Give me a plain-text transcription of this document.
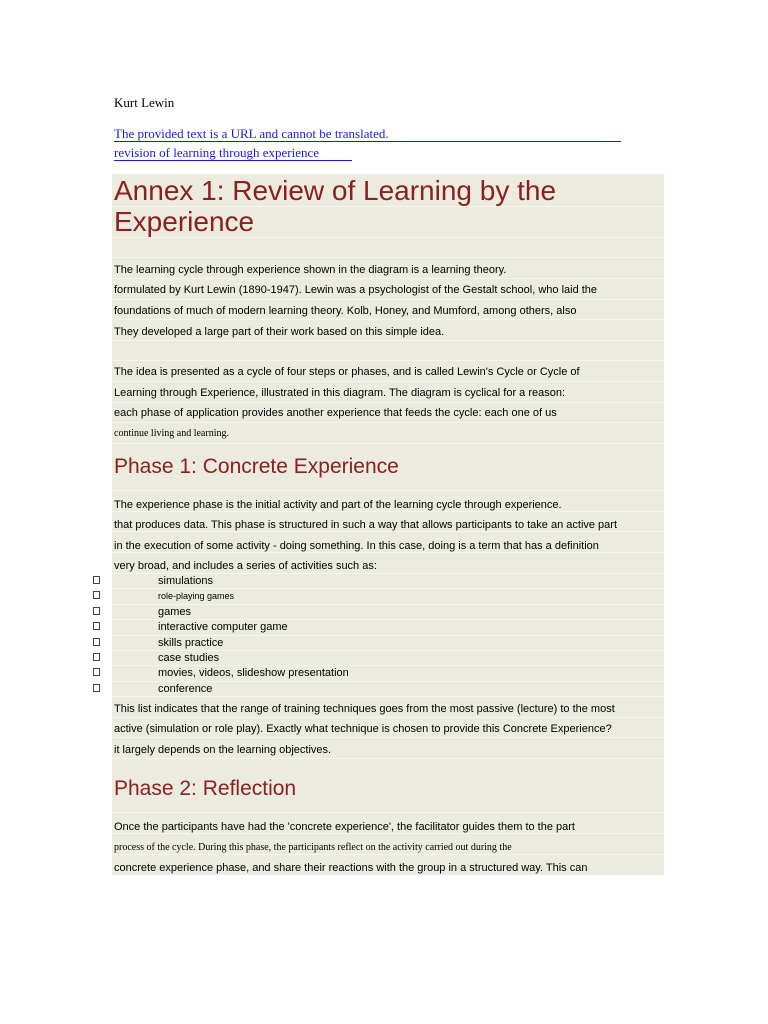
Kurt Lewin

The provided text is a URL and cannot be translated.
revision of learning through experience
Annex 1: Review of Learning by the Experience

The learning cycle through experience shown in the diagram is a learning theory.

formulated by Kurt Lewin (1890-1947). Lewin was a psychologist of the Gestalt school, who laid the

foundations of much of modern learning theory. Kolb, Honey, and Mumford, among others, also

They developed a large part of their work based on this simple idea.

The idea is presented as a cycle of four steps or phases, and is called Lewin's Cycle or Cycle of

Learning through Experience, illustrated in this diagram. The diagram is cyclical for a reason:

each phase of application provides another experience that feeds the cycle: each one of us

continue living and learning.

Phase 1: Concrete Experience

The experience phase is the initial activity and part of the learning cycle through experience.

that produces data. This phase is structured in such a way that allows participants to take an active part

in the execution of some activity - doing something. In this case, doing is a term that has a definition

very broad, and includes a series of activities such as:

This list indicates that the range of training techniques goes from the most passive (lecture) to the most

active (simulation or role play). Exactly what technique is chosen to provide this Concrete Experience?

it largely depends on the learning objectives.

Phase 2: Reflection

Once the participants have had the 'concrete experience', the facilitator guides them to the part

process of the cycle. During this phase, the participants reflect on the activity carried out during the

concrete experience phase, and share their reactions with the group in a structured way. This can

simulations

role-playing games

games

interactive computer game

skills practice

case studies

movies, videos, slideshow presentation

conference
